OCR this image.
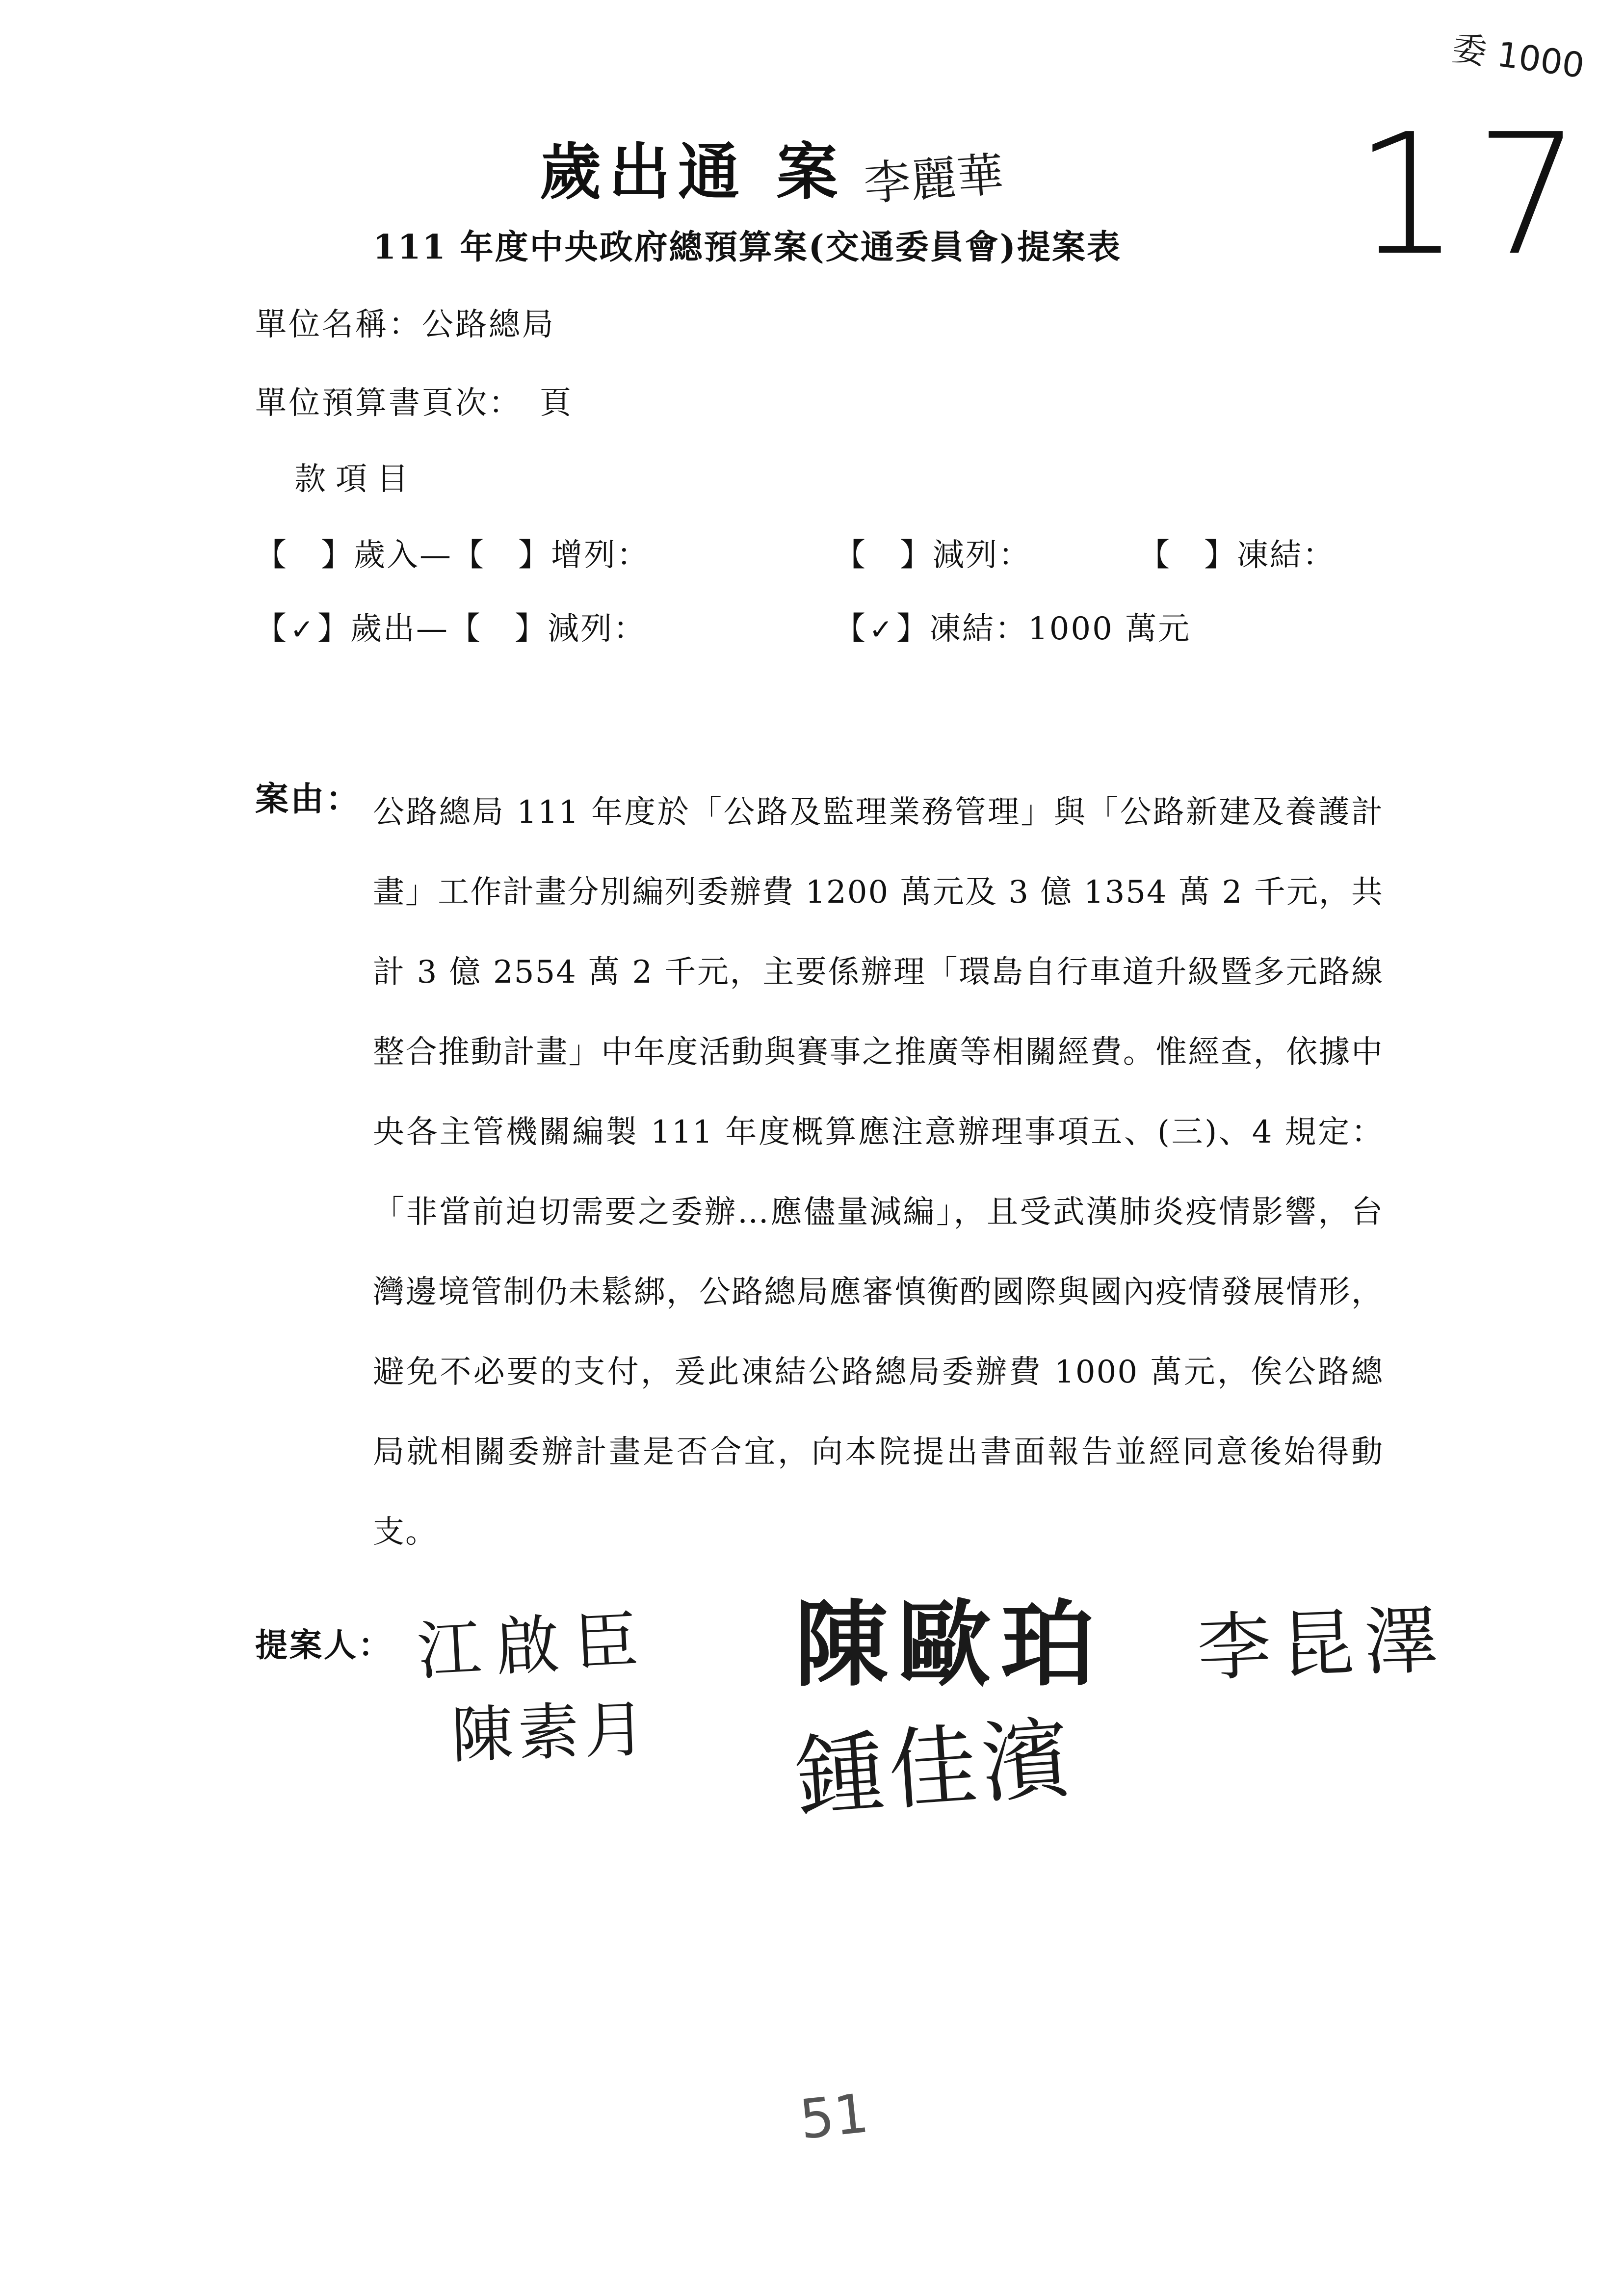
委 1000
17
歲出通 案 李麗華
111 年度中央政府總預算案(交通委員會)提案表
單位名稱：公路總局
單位預算書頁次：　頁
款項目
【　】歲入—【　】增列：	【　】減列：	【　】凍結：
【✓】歲出—【　】減列：	【✓】凍結：1000 萬元
案由： 公路總局 111 年度於「公路及監理業務管理」與「公路新建及養護計畫」工作計畫分別編列委辦費 1200 萬元及 3 億 1354 萬 2 千元，共計 3 億 2554 萬 2 千元，主要係辦理「環島自行車道升級暨多元路線整合推動計畫」中年度活動與賽事之推廣等相關經費。惟經查，依據中央各主管機關編製 111 年度概算應注意辦理事項五、(三)、4 規定：「非當前迫切需要之委辦…應儘量減編」，且受武漢肺炎疫情影響，台灣邊境管制仍未鬆綁，公路總局應審慎衡酌國際與國內疫情發展情形，避免不必要的支付，爰此凍結公路總局委辦費 1000 萬元，俟公路總局就相關委辦計畫是否合宜，向本院提出書面報告並經同意後始得動支。
提案人： 江啟臣
陳素月
陳歐珀
鍾佳濱
李昆澤
51
